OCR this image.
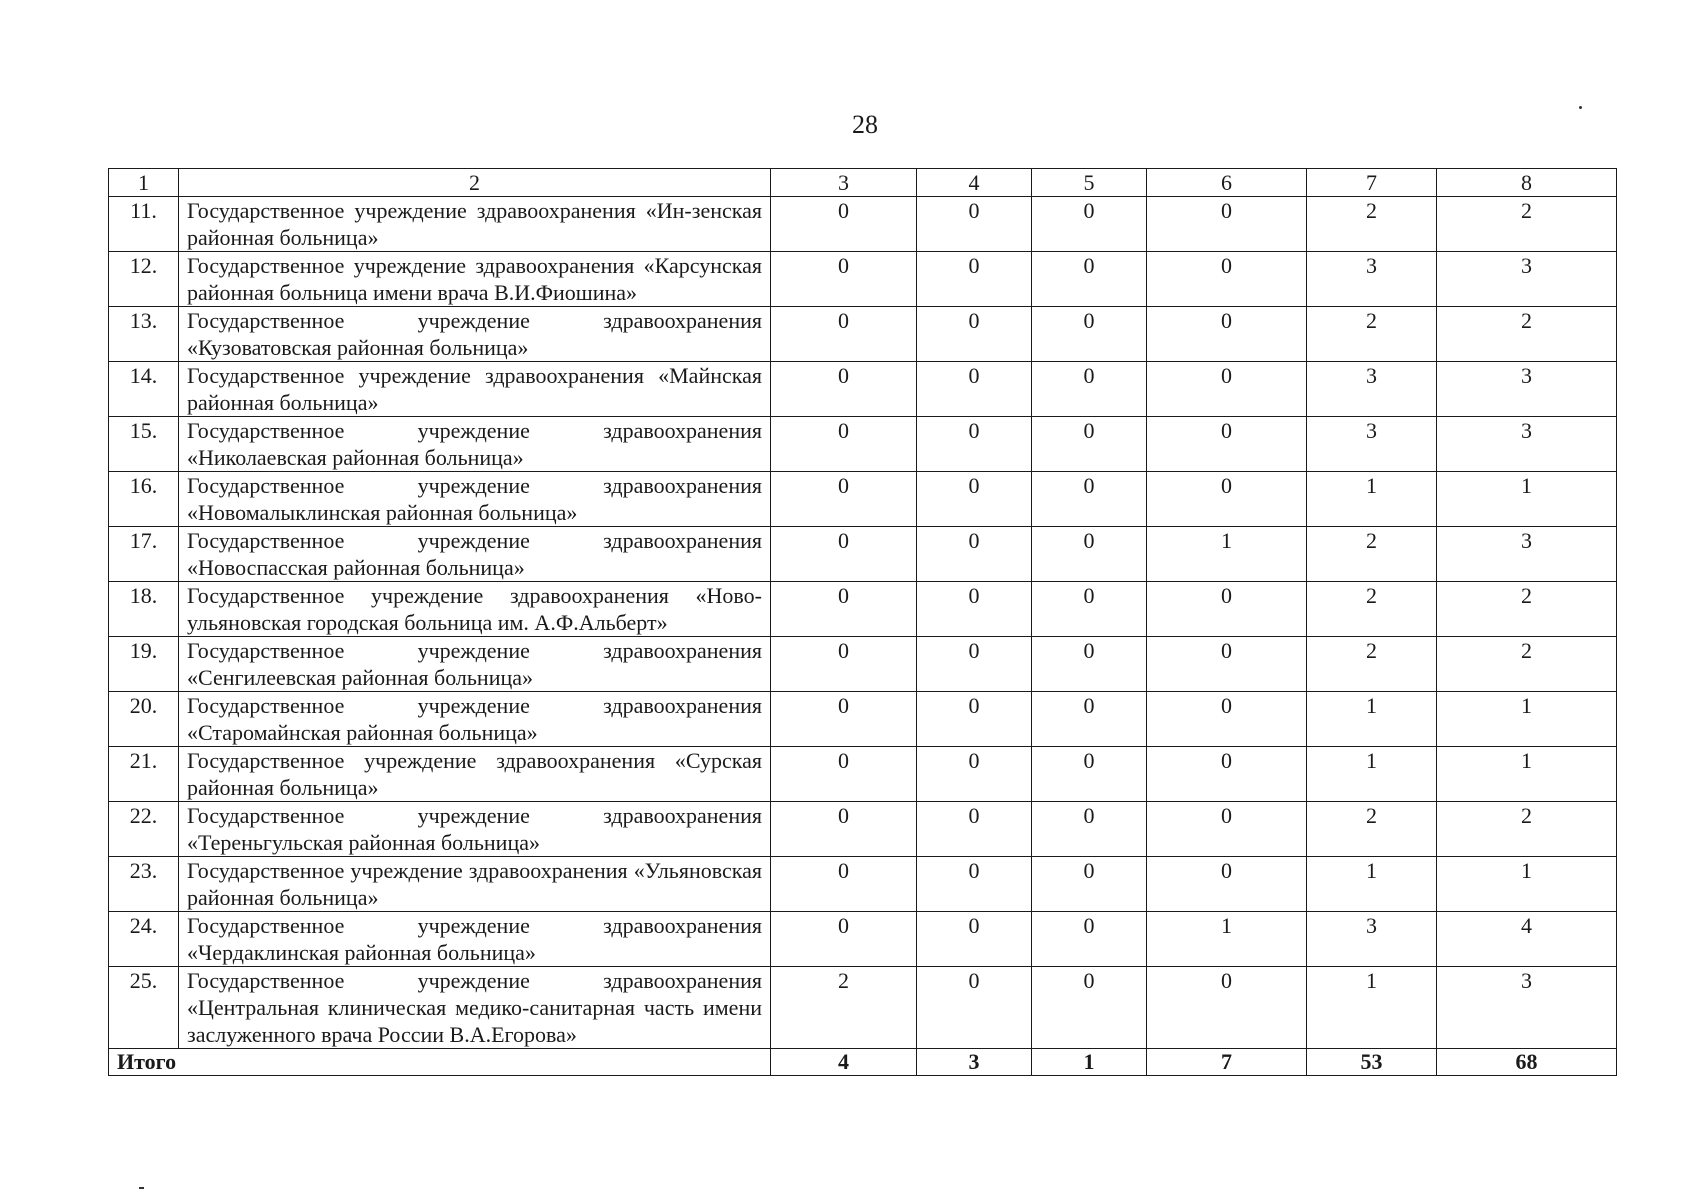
28
1	2	3	4	5	6	7	8
11.	Государственное учреждение здравоохранения «Ин-зенская районная больница»	0	0	0	0	2	2
12.	Государственное учреждение здравоохранения «Карсунская районная больница имени врача В.И.Фиошина»	0	0	0	0	3	3
13.	Государственное учреждение здравоохранения «Кузоватовская районная больница»	0	0	0	0	2	2
14.	Государственное учреждение здравоохранения «Майнская районная больница»	0	0	0	0	3	3
15.	Государственное учреждение здравоохранения «Николаевская районная больница»	0	0	0	0	3	3
16.	Государственное учреждение здравоохранения «Новомалыклинская районная больница»	0	0	0	0	1	1
17.	Государственное учреждение здравоохранения «Новоспасская районная больница»	0	0	0	1	2	3
18.	Государственное учреждение здравоохранения «Ново-ульяновская городская больница им. А.Ф.Альберт»	0	0	0	0	2	2
19.	Государственное учреждение здравоохранения «Сенгилеевская районная больница»	0	0	0	0	2	2
20.	Государственное учреждение здравоохранения «Старомайнская районная больница»	0	0	0	0	1	1
21.	Государственное учреждение здравоохранения «Сурская районная больница»	0	0	0	0	1	1
22.	Государственное учреждение здравоохранения «Тереньгульская районная больница»	0	0	0	0	2	2
23.	Государственное учреждение здравоохранения «Ульяновская районная больница»	0	0	0	0	1	1
24.	Государственное учреждение здравоохранения «Чердаклинская районная больница»	0	0	0	1	3	4
25.	Государственное учреждение здравоохранения «Центральная клиническая медико-санитарная часть имени заслуженного врача России В.А.Егорова»	2	0	0	0	1	3
Итого		4	3	1	7	53	68
